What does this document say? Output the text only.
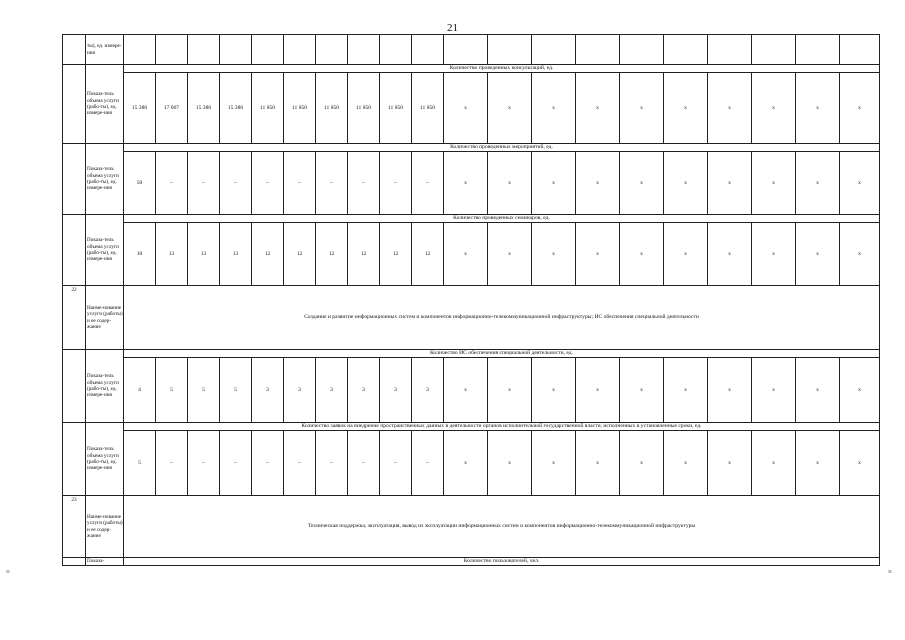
21
	ты), ед. измере-ния																				
	Показа-тель объема услуги (рабо-ты), ед. измере-ния	Количество проведенных консультаций, ед.																			
		15 386	17 007	15 386	15 386	11 850	11 850	11 850	11 850	11 850	11 850	x	x	x	x	x	x	x	x	x	x
	Показа-тель объема услуги (рабо-ты), ед. измере-ния	Количество проведенных мероприятий, ед.																			
		50	–	–	–	–	–	–	–	–	–	x	x	x	x	x	x	x	x	x	x
	Показа-тель объема услуги (рабо-ты), ед. измере-ния	Количество проведенных семинаров, ед.																			
		10	13	13	13	12	12	12	12	12	12	x	x	x	x	x	x	x	x	x	x
22	Наиме-нование услуги (работы) и ее содер-жание	Создание и развитие информационных систем и компонентов информационно-телекоммуникационной инфраструктуры; ИС обеспечения специальной деятельности																			
	Показа-тель объема услуги (рабо-ты), ед. измере-ния	Количество ИС обеспечения специальной деятельности, ед.																			
		4	5	5	5	3	3	3	3	3	3	x	x	x	x	x	x	x	x	x	x
	Показа-тель объема услуги (рабо-ты), ед. измере-ния	Количество заявок на внедрение пространственных данных в деятельности органов исполнительной государственной власти, исполненных в установленные сроки, ед.																			
		5	–	–	–	–	–	–	–	–	–	x	x	x	x	x	x	x	x	x	x
23	Наиме-нование услуги (работы) и ее содер-жание	Техническая поддержка, эксплуатация, вывод из эксплуатации информационных систем и компонентов информационно-телекоммуникационной инфраструктуры																			
	Показа-	Количество пользователей, чел.																			
≡	≡
